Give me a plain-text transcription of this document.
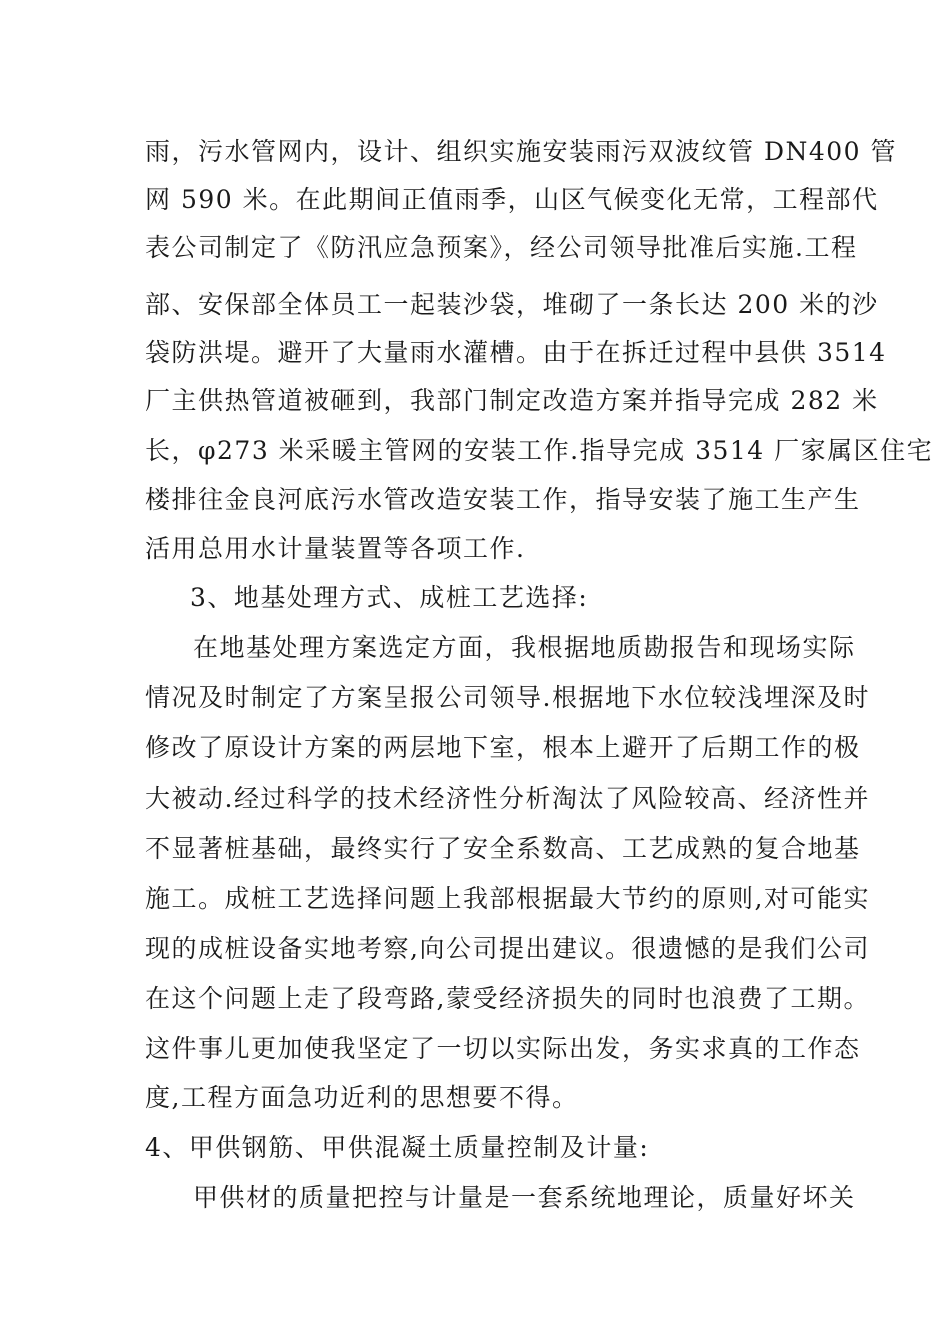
雨，污水管网内，设计、组织实施安装雨污双波纹管 DN400 管
网 590 米。在此期间正值雨季，山区气候变化无常，工程部代
表公司制定了《防汛应急预案》，经公司领导批准后实施.工程
部、安保部全体员工一起装沙袋，堆砌了一条长达 200 米的沙
袋防洪堤。避开了大量雨水灌槽。由于在拆迁过程中县供 3514
厂主供热管道被砸到，我部门制定改造方案并指导完成 282 米
长，φ273 米采暖主管网的安装工作.指导完成 3514 厂家属区住宅
楼排往金良河底污水管改造安装工作，指导安装了施工生产生
活用总用水计量装置等各项工作.
3、地基处理方式、成桩工艺选择:
在地基处理方案选定方面，我根据地质勘报告和现场实际
情况及时制定了方案呈报公司领导.根据地下水位较浅埋深及时
修改了原设计方案的两层地下室，根本上避开了后期工作的极
大被动.经过科学的技术经济性分析淘汰了风险较高、经济性并
不显著桩基础，最终实行了安全系数高、工艺成熟的复合地基
施工。成桩工艺选择问题上我部根据最大节约的原则,对可能实
现的成桩设备实地考察,向公司提出建议。很遗憾的是我们公司
在这个问题上走了段弯路,蒙受经济损失的同时也浪费了工期。
这件事儿更加使我坚定了一切以实际出发，务实求真的工作态
度,工程方面急功近利的思想要不得。
4、甲供钢筋、甲供混凝土质量控制及计量:
甲供材的质量把控与计量是一套系统地理论，质量好坏关
